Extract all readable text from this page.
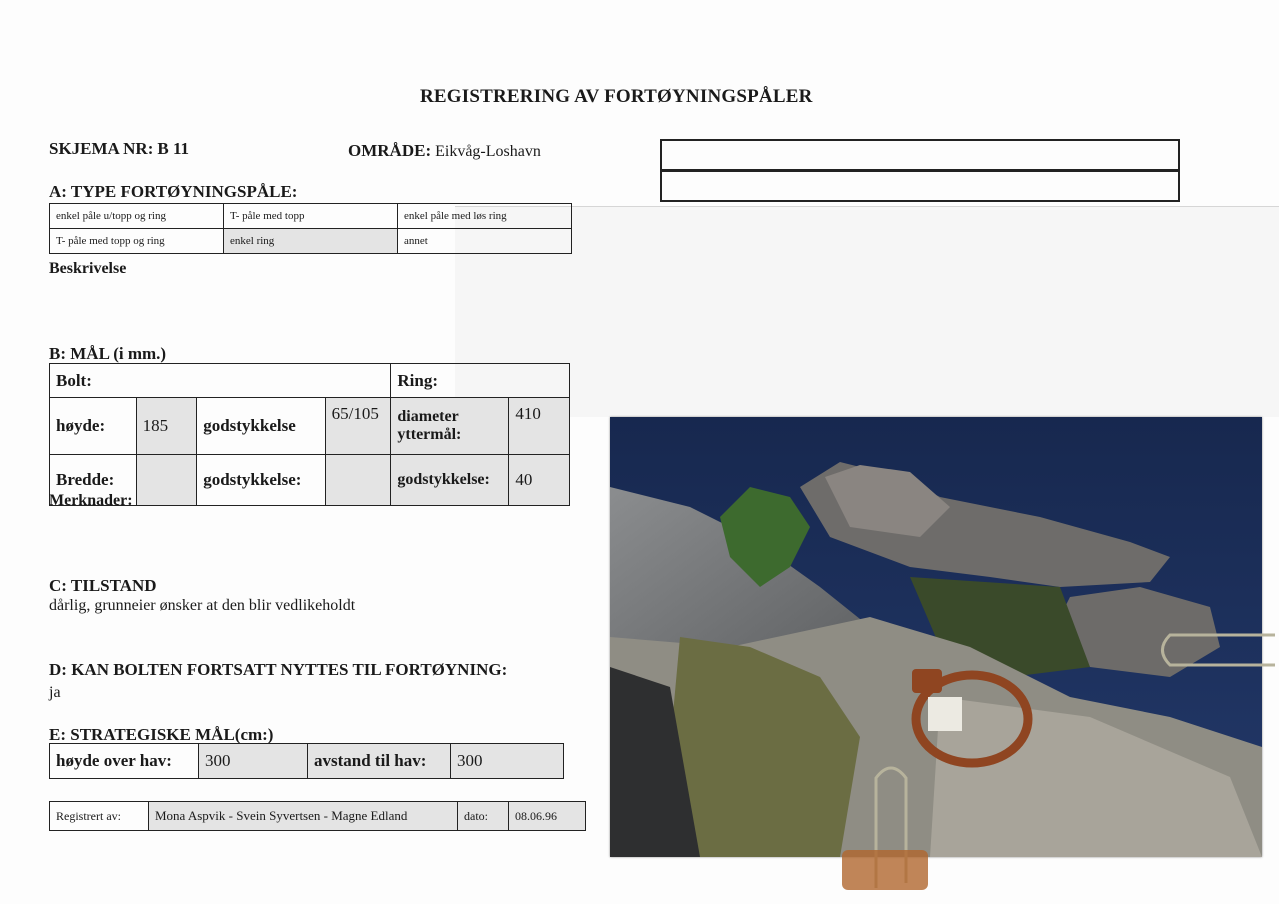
REGISTRERING AV FORTØYNINGSPÅLER
SKJEMA NR: B 11	OMRÅDE: Eikvåg-Loshavn
A: TYPE FORTØYNINGSPÅLE:
enkel påle u/topp og ring	T- påle med topp	enkel påle med løs ring
T- påle med topp og ring	enkel ring	annet
Beskrivelse
B: MÅL (i mm.)
Bolt:				Ring:	
høyde:	185	godstykkelse	65/105	diameter yttermål:	410
Bredde:		godstykkelse:		godstykkelse:	40
Merknader:
C: TILSTAND
dårlig, grunneier ønsker at den blir vedlikeholdt
D: KAN BOLTEN FORTSATT NYTTES TIL FORTØYNING:
ja
E: STRATEGISKE MÅL(cm:)
høyde over hav:	300	avstand til hav:	300
Registrert av:	Mona Aspvik - Svein Syvertsen - Magne Edland	dato:	08.06.96
